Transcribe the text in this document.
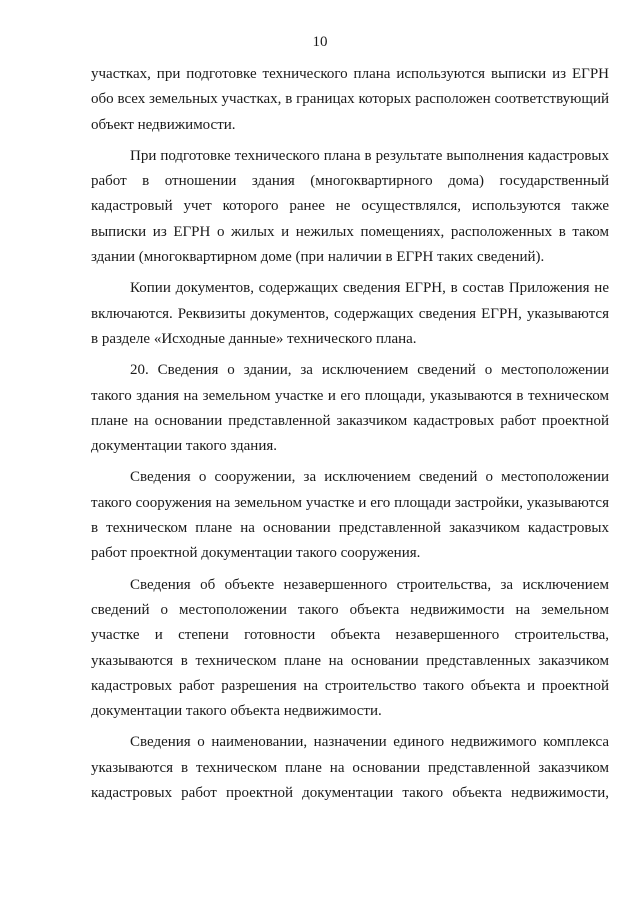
10

участках, при подготовке технического плана используются выписки из ЕГРН обо всех земельных участках, в границах которых расположен соответствующий объект недвижимости.

При подготовке технического плана в результате выполнения кадастровых работ в отношении здания (многоквартирного дома) государственный кадастровый учет которого ранее не осуществлялся, используются также выписки из ЕГРН о жилых и нежилых помещениях, расположенных в таком здании (многоквартирном доме (при наличии в ЕГРН таких сведений).

Копии документов, содержащих сведения ЕГРН, в состав Приложения не включаются. Реквизиты документов, содержащих сведения ЕГРН, указываются в разделе «Исходные данные» технического плана.

20. Сведения о здании, за исключением сведений о местоположении такого здания на земельном участке и его площади, указываются в техническом плане на основании представленной заказчиком кадастровых работ проектной документации такого здания.

Сведения о сооружении, за исключением сведений о местоположении такого сооружения на земельном участке и его площади застройки, указываются в техническом плане на основании представленной заказчиком кадастровых работ проектной документации такого сооружения.

Сведения об объекте незавершенного строительства, за исключением сведений о местоположении такого объекта недвижимости на земельном участке и степени готовности объекта незавершенного строительства, указываются в техническом плане на основании представленных заказчиком кадастровых работ разрешения на строительство такого объекта и проектной документации такого объекта недвижимости.

Сведения о наименовании, назначении единого недвижимого комплекса указываются в техническом плане на основании представленной заказчиком кадастровых работ проектной документации такого объекта недвижимости,
